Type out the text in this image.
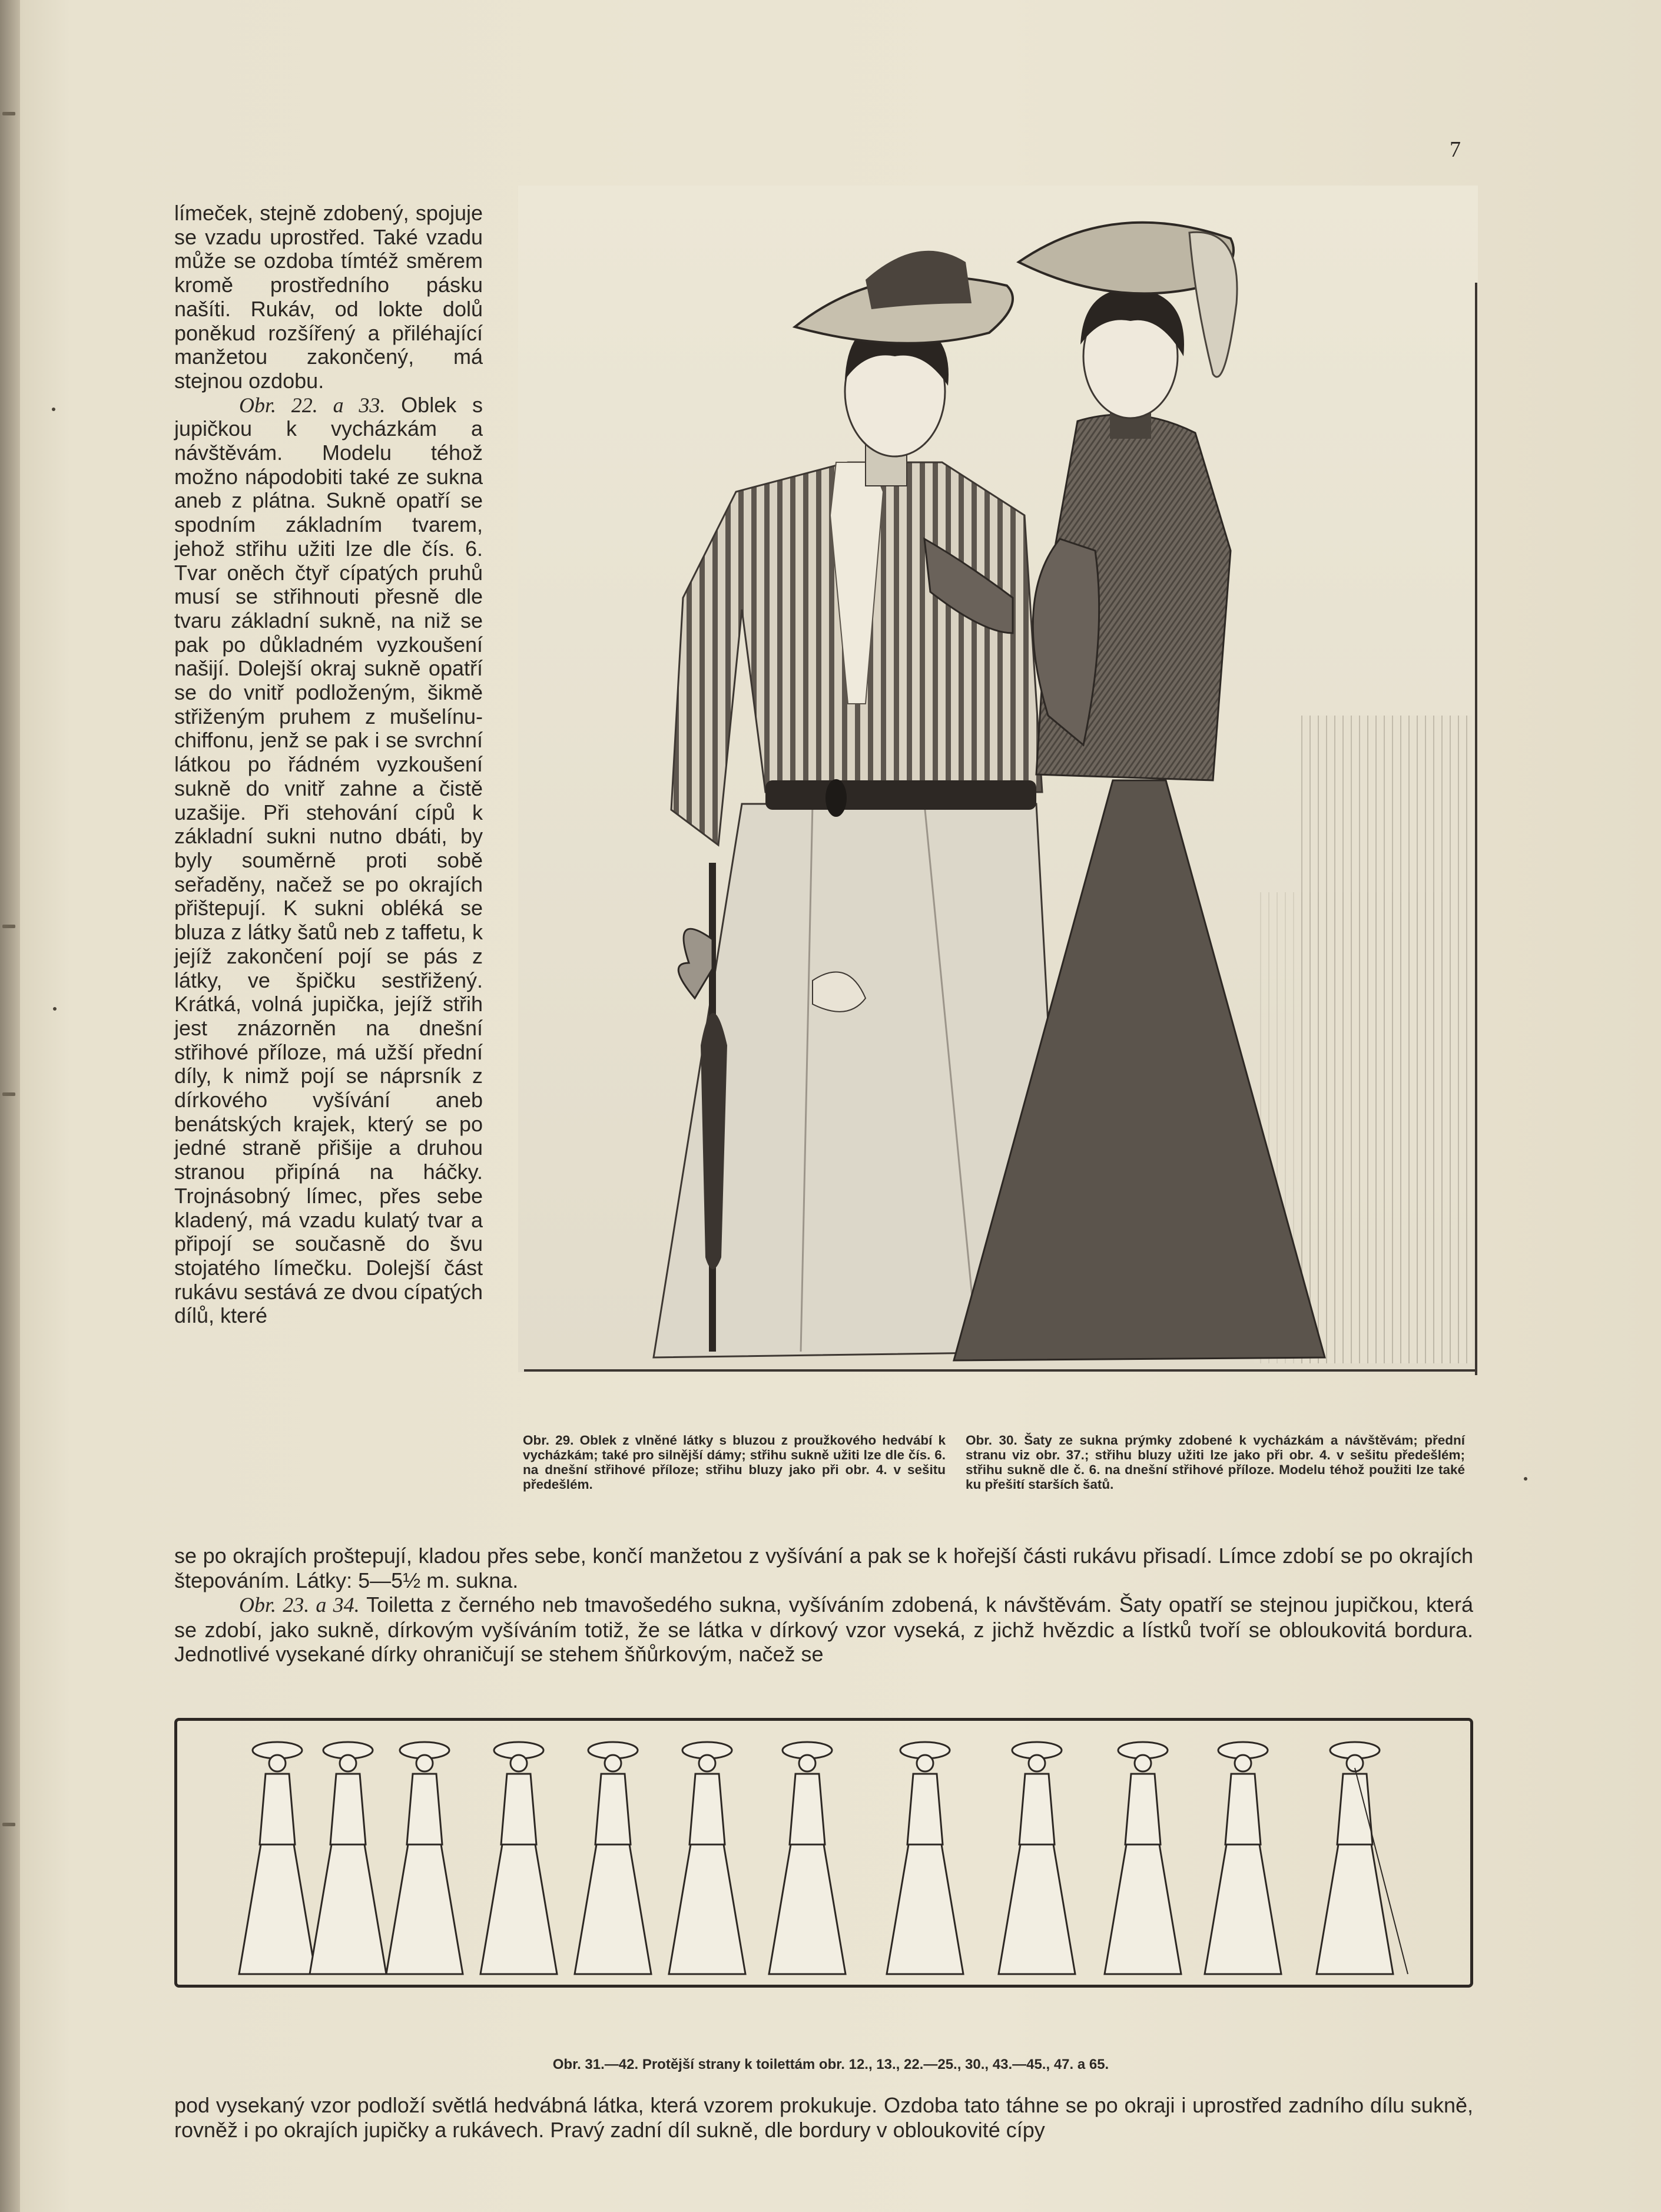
7

límeček, stejně zdobený, spojuje se vzadu uprostřed. Také vzadu může se ozdoba tímtéž směrem kromě prostředního pásku našíti. Rukáv, od lokte dolů poněkud rozšířený a přiléhající manžetou zakončený, má stejnou ozdobu.

Obr. 22. a 33. Oblek s jupičkou k vycházkám a návštěvám. Modelu téhož možno nápodobiti také ze sukna aneb z plátna. Sukně opatří se spodním základním tvarem, jehož střihu užiti lze dle čís. 6. Tvar oněch čtyř cípatých pruhů musí se střihnouti přesně dle tvaru základní sukně, na niž se pak po důkladném vyzkoušení našijí. Dolejší okraj sukně opatří se do vnitř podloženým, šikmě střiženým pruhem z mušelínu-chiffonu, jenž se pak i se svrchní látkou po řádném vyzkoušení sukně do vnitř zahne a čistě uzašije. Při stehování cípů k základní sukni nutno dbáti, by byly souměrně proti sobě seřaděny, načež se po okrajích přištepují. K sukni obléká se bluza z látky šatů neb z taffetu, k jejíž zakončení pojí se pás z látky, ve špičku sestřižený. Krátká, volná jupička, jejíž střih jest znázorněn na dnešní střihové příloze, má užší přední díly, k nimž pojí se náprsník z dírkového vyšívání aneb benátských krajek, který se po jedné straně přišije a druhou stranou připíná na háčky. Trojnásobný límec, přes sebe kladený, má vzadu kulatý tvar a připojí se současně do švu stojatého límečku. Dolejší část rukávu sestává ze dvou cípatých dílů, které

Obr. 29. Oblek z vlněné látky s bluzou z proužkového hedvábí k vycházkám; také pro silnější dámy; střihu sukně užiti lze dle čís. 6. na dnešní střihové příloze; střihu bluzy jako při obr. 4. v sešitu předešlém.
Obr. 30. Šaty ze sukna prýmky zdobené k vycházkám a návštěvám; přední stranu viz obr. 37.; střihu bluzy užiti lze jako při obr. 4. v sešitu předešlém; střihu sukně dle č. 6. na dnešní střihové příloze. Modelu téhož použiti lze také ku přešití starších šatů.

se po okrajích proštepují, kladou přes sebe, končí manžetou z vyšívání a pak se k hořejší části rukávu přisadí. Límce zdobí se po okrajích štepováním. Látky: 5—5½ m. sukna.

Obr. 23. a 34. Toiletta z černého neb tmavošedého sukna, vyšíváním zdobená, k návštěvám. Šaty opatří se stejnou jupičkou, která se zdobí, jako sukně, dírkovým vyšíváním totiž, že se látka v dírkový vzor vyseká, z jichž hvězdic a lístků tvoří se obloukovitá bordura. Jednotlivé vysekané dírky ohraničují se stehem šňůrkovým, načež se

Obr. 31.—42. Protější strany k toilettám obr. 12., 13., 22.—25., 30., 43.—45., 47. a 65.

pod vysekaný vzor podloží světlá hedvábná látka, která vzorem prokukuje. Ozdoba tato táhne se po okraji i uprostřed zadního dílu sukně, rovněž i po okrajích jupičky a rukávech. Pravý zadní díl sukně, dle bordury v obloukovité cípy
